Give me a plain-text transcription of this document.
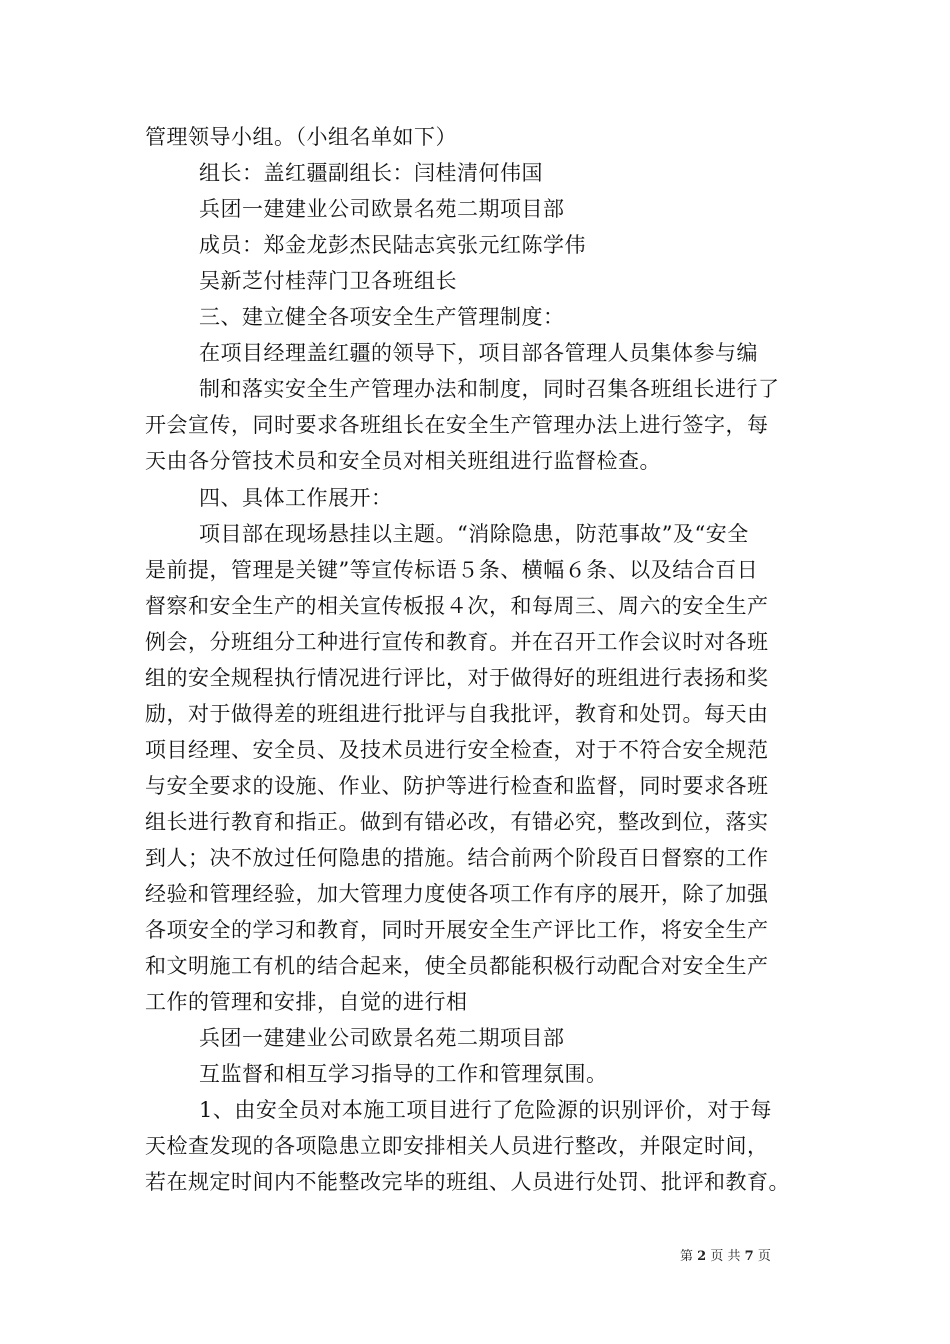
管理领导小组。（小组名单如下）
组长：盖红疆副组长：闫桂清何伟国
兵团一建建业公司欧景名苑二期项目部
成员：郑金龙彭杰民陆志宾张元红陈学伟
吴新芝付桂萍门卫各班组长
三、建立健全各项安全生产管理制度：
在项目经理盖红疆的领导下，项目部各管理人员集体参与编
制和落实安全生产管理办法和制度，同时召集各班组长进行了
开会宣传，同时要求各班组长在安全生产管理办法上进行签字，每
天由各分管技术员和安全员对相关班组进行监督检查。
四、具体工作展开：
项目部在现场悬挂以主题。“消除隐患，防范事故”及“安全
是前提，管理是关键”等宣传标语５条、横幅６条、以及结合百日
督察和安全生产的相关宣传板报４次，和每周三、周六的安全生产
例会，分班组分工种进行宣传和教育。并在召开工作会议时对各班
组的安全规程执行情况进行评比，对于做得好的班组进行表扬和奖
励，对于做得差的班组进行批评与自我批评，教育和处罚。每天由
项目经理、安全员、及技术员进行安全检查，对于不符合安全规范
与安全要求的设施、作业、防护等进行检查和监督，同时要求各班
组长进行教育和指正。做到有错必改，有错必究，整改到位，落实
到人；决不放过任何隐患的措施。结合前两个阶段百日督察的工作
经验和管理经验，加大管理力度使各项工作有序的展开，除了加强
各项安全的学习和教育，同时开展安全生产评比工作，将安全生产
和文明施工有机的结合起来，使全员都能积极行动配合对安全生产
工作的管理和安排，自觉的进行相
兵团一建建业公司欧景名苑二期项目部
互监督和相互学习指导的工作和管理氛围。
1、由安全员对本施工项目进行了危险源的识别评价，对于每
天检查发现的各项隐患立即安排相关人员进行整改，并限定时间，
若在规定时间内不能整改完毕的班组、人员进行处罚、批评和教育。
第 2 页 共 7 页
